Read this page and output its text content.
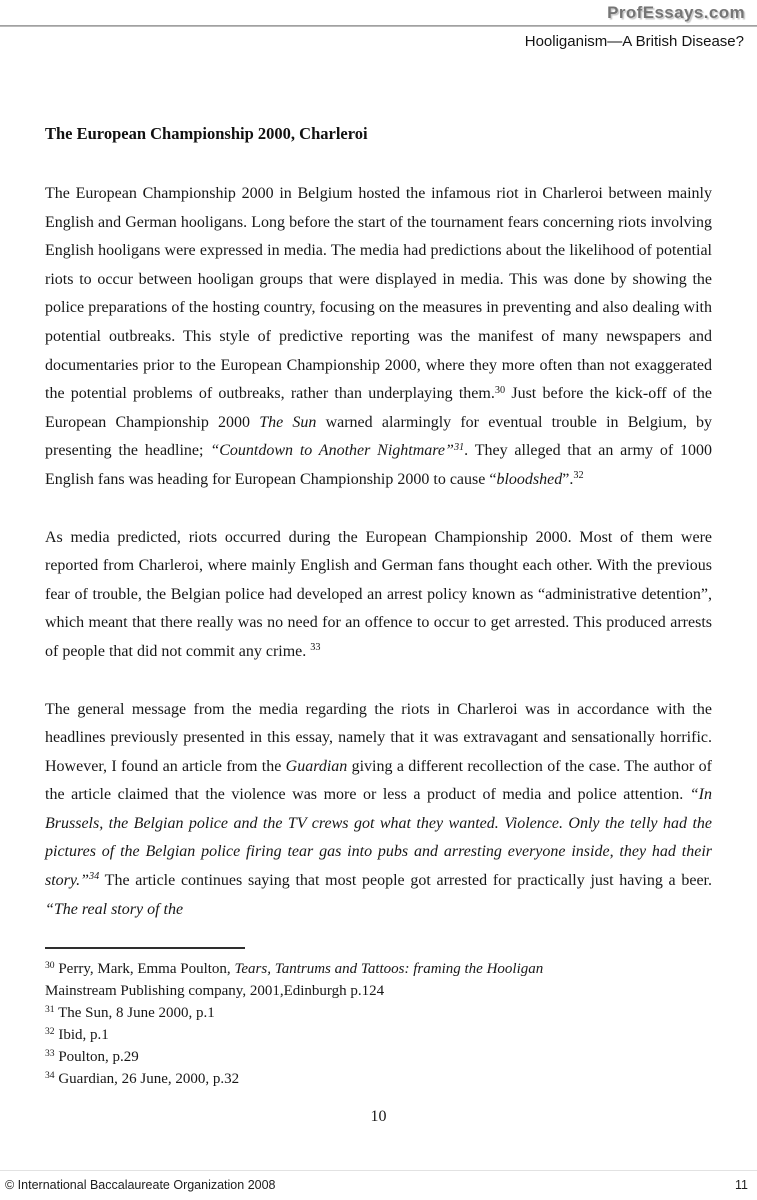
ProfEssays.com
Hooliganism—A British Disease?
The European Championship 2000, Charleroi

The European Championship 2000 in Belgium hosted the infamous riot in Charleroi between mainly English and German hooligans. Long before the start of the tournament fears concerning riots involving English hooligans were expressed in media. The media had predictions about the likelihood of potential riots to occur between hooligan groups that were displayed in media. This was done by showing the police preparations of the hosting country, focusing on the measures in preventing and also dealing with potential outbreaks. This style of predictive reporting was the manifest of many newspapers and documentaries prior to the European Championship 2000, where they more often than not exaggerated the potential problems of outbreaks, rather than underplaying them.$^{30}$ Just before the kick-off of the European Championship 2000 The Sun warned alarmingly for eventual trouble in Belgium, by presenting the headline; “Countdown to Another Nightmare”$^{31}$. They alleged that an army of 1000 English fans was heading for European Championship 2000 to cause “bloodshed”.$^{32}$

As media predicted, riots occurred during the European Championship 2000. Most of them were reported from Charleroi, where mainly English and German fans thought each other. With the previous fear of trouble, the Belgian police had developed an arrest policy known as “administrative detention”, which meant that there really was no need for an offence to occur to get arrested. This produced arrests of people that did not commit any crime. $^{33}$

The general message from the media regarding the riots in Charleroi was in accordance with the headlines previously presented in this essay, namely that it was extravagant and sensationally horrific. However, I found an article from the Guardian giving a different recollection of the case. The author of the article claimed that the violence was more or less a product of media and police attention. “In Brussels, the Belgian police and the TV crews got what they wanted. Violence. Only the telly had the pictures of the Belgian police firing tear gas into pubs and arresting everyone inside, they had their story.”$^{34}$ The article continues saying that most people got arrested for practically just having a beer. “The real story of the

$^{30}$ Perry, Mark, Emma Poulton, Tears, Tantrums and Tattoos: framing the Hooligan
Mainstream Publishing company, 2001,Edinburgh p.124
$^{31}$ The Sun, 8 June 2000, p.1
$^{32}$ Ibid, p.1
$^{33}$ Poulton, p.29
$^{34}$ Guardian, 26 June, 2000, p.32
10
© International Baccalaureate Organization 2008	11
